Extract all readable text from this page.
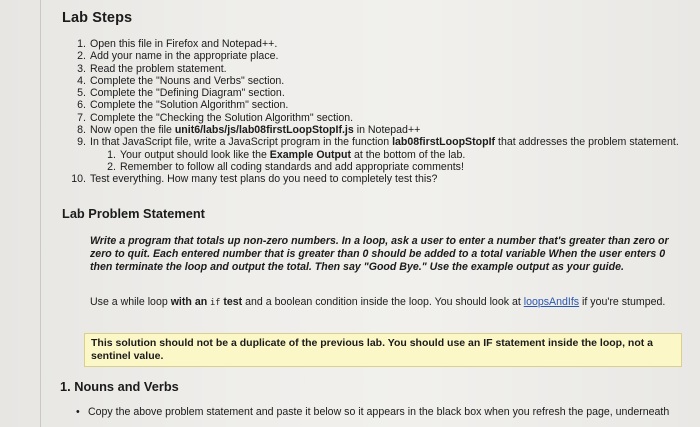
Lab Steps
1. Open this file in Firefox and Notepad++.
2. Add your name in the appropriate place.
3. Read the problem statement.
4. Complete the "Nouns and Verbs" section.
5. Complete the "Defining Diagram" section.
6. Complete the "Solution Algorithm" section.
7. Complete the "Checking the Solution Algorithm" section.
8. Now open the file unit6/labs/js/lab08firstLoopStopIf.js in Notepad++
9. In that JavaScript file, write a JavaScript program in the function lab08firstLoopStopIf that addresses the problem statement.
1. Your output should look like the Example Output at the bottom of the lab.
2. Remember to follow all coding standards and add appropriate comments!
10. Test everything. How many test plans do you need to completely test this?
Lab Problem Statement

Write a program that totals up non-zero numbers. In a loop, ask a user to enter a number that's greater than zero or zero to quit. Each entered number that is greater than 0 should be added to a total variable When the user enters 0 then terminate the loop and output the total. Then say "Good Bye." Use the example output as your guide.

Use a while loop with an if test and a boolean condition inside the loop. You should look at loopsAndIfs if you're stumped.

This solution should not be a duplicate of the previous lab. You should use an IF statement inside the loop, not a sentinel value.
1. Nouns and Verbs

• Copy the above problem statement and paste it below so it appears in the black box when you refresh the page, underneath
